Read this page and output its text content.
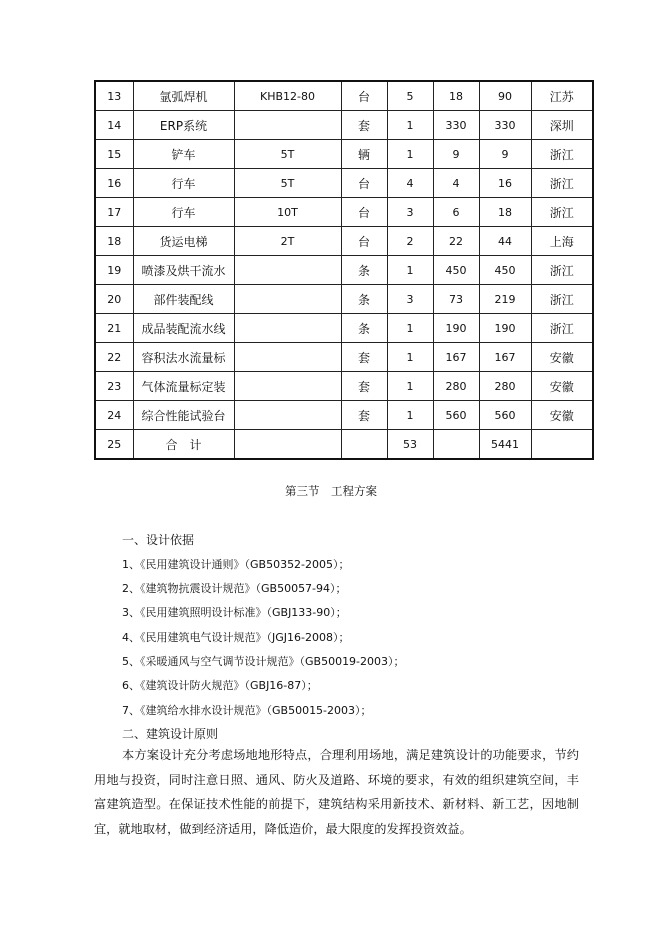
13	氩弧焊机	KHB12-80	台	5	18	90	江苏
14	ERP系统		套	1	330	330	深圳
15	铲车	5T	辆	1	9	9	浙江
16	行车	5T	台	4	4	16	浙江
17	行车	10T	台	3	6	18	浙江
18	货运电梯	2T	台	2	22	44	上海
19	喷漆及烘干流水		条	1	450	450	浙江
20	部件装配线		条	3	73	219	浙江
21	成品装配流水线		条	1	190	190	浙江
22	容积法水流量标		套	1	167	167	安徽
23	气体流量标定装		套	1	280	280	安徽
24	综合性能试验台		套	1	560	560	安徽
25	合　计			53		5441	
第三节　工程方案
一、设计依据
1、《民用建筑设计通则》（GB50352-2005）；
2、《建筑物抗震设计规范》（GB50057-94）；
3、《民用建筑照明设计标准》（GBJ133-90）；
4、《民用建筑电气设计规范》（JGJ16-2008）；
5、《采暖通风与空气调节设计规范》（GB50019-2003）；
6、《建筑设计防火规范》（GBJ16-87）；
7、《建筑给水排水设计规范》（GB50015-2003）；
二、建筑设计原则
本方案设计充分考虑场地地形特点，合理利用场地，满足建筑设计的功能要求，节约用地与投资，同时注意日照、通风、防火及道路、环境的要求，有效的组织建筑空间，丰富建筑造型。在保证技术性能的前提下，建筑结构采用新技术、新材料、新工艺，因地制宜，就地取材，做到经济适用，降低造价，最大限度的发挥投资效益。
